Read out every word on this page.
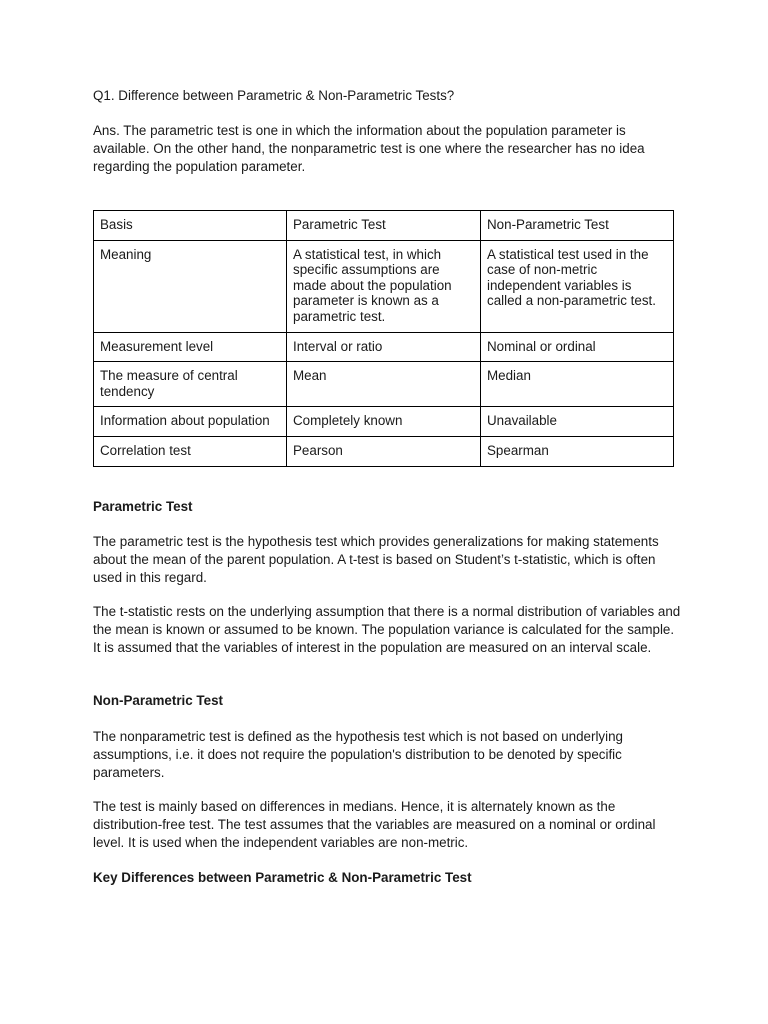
Q1. Difference between Parametric & Non-Parametric Tests?

Ans. The parametric test is one in which the information about the population parameter is available. On the other hand, the nonparametric test is one where the researcher has no idea regarding the population parameter.

Basis	Parametric Test	Non-Parametric Test
Meaning	A statistical test, in which specific assumptions are made about the population parameter is known as a parametric test.	A statistical test used in the case of non-metric independent variables is called a non-parametric test.
Measurement level	Interval or ratio	Nominal or ordinal
The measure of central tendency	Mean	Median
Information about population	Completely known	Unavailable
Correlation test	Pearson	Spearman

Parametric Test

The parametric test is the hypothesis test which provides generalizations for making statements about the mean of the parent population. A t-test is based on Student’s t-statistic, which is often used in this regard.

The t-statistic rests on the underlying assumption that there is a normal distribution of variables and the mean is known or assumed to be known. The population variance is calculated for the sample. It is assumed that the variables of interest in the population are measured on an interval scale.

Non-Parametric Test

The nonparametric test is defined as the hypothesis test which is not based on underlying assumptions, i.e. it does not require the population's distribution to be denoted by specific parameters.

The test is mainly based on differences in medians. Hence, it is alternately known as the distribution-free test. The test assumes that the variables are measured on a nominal or ordinal level. It is used when the independent variables are non-metric.

Key Differences between Parametric & Non-Parametric Test
